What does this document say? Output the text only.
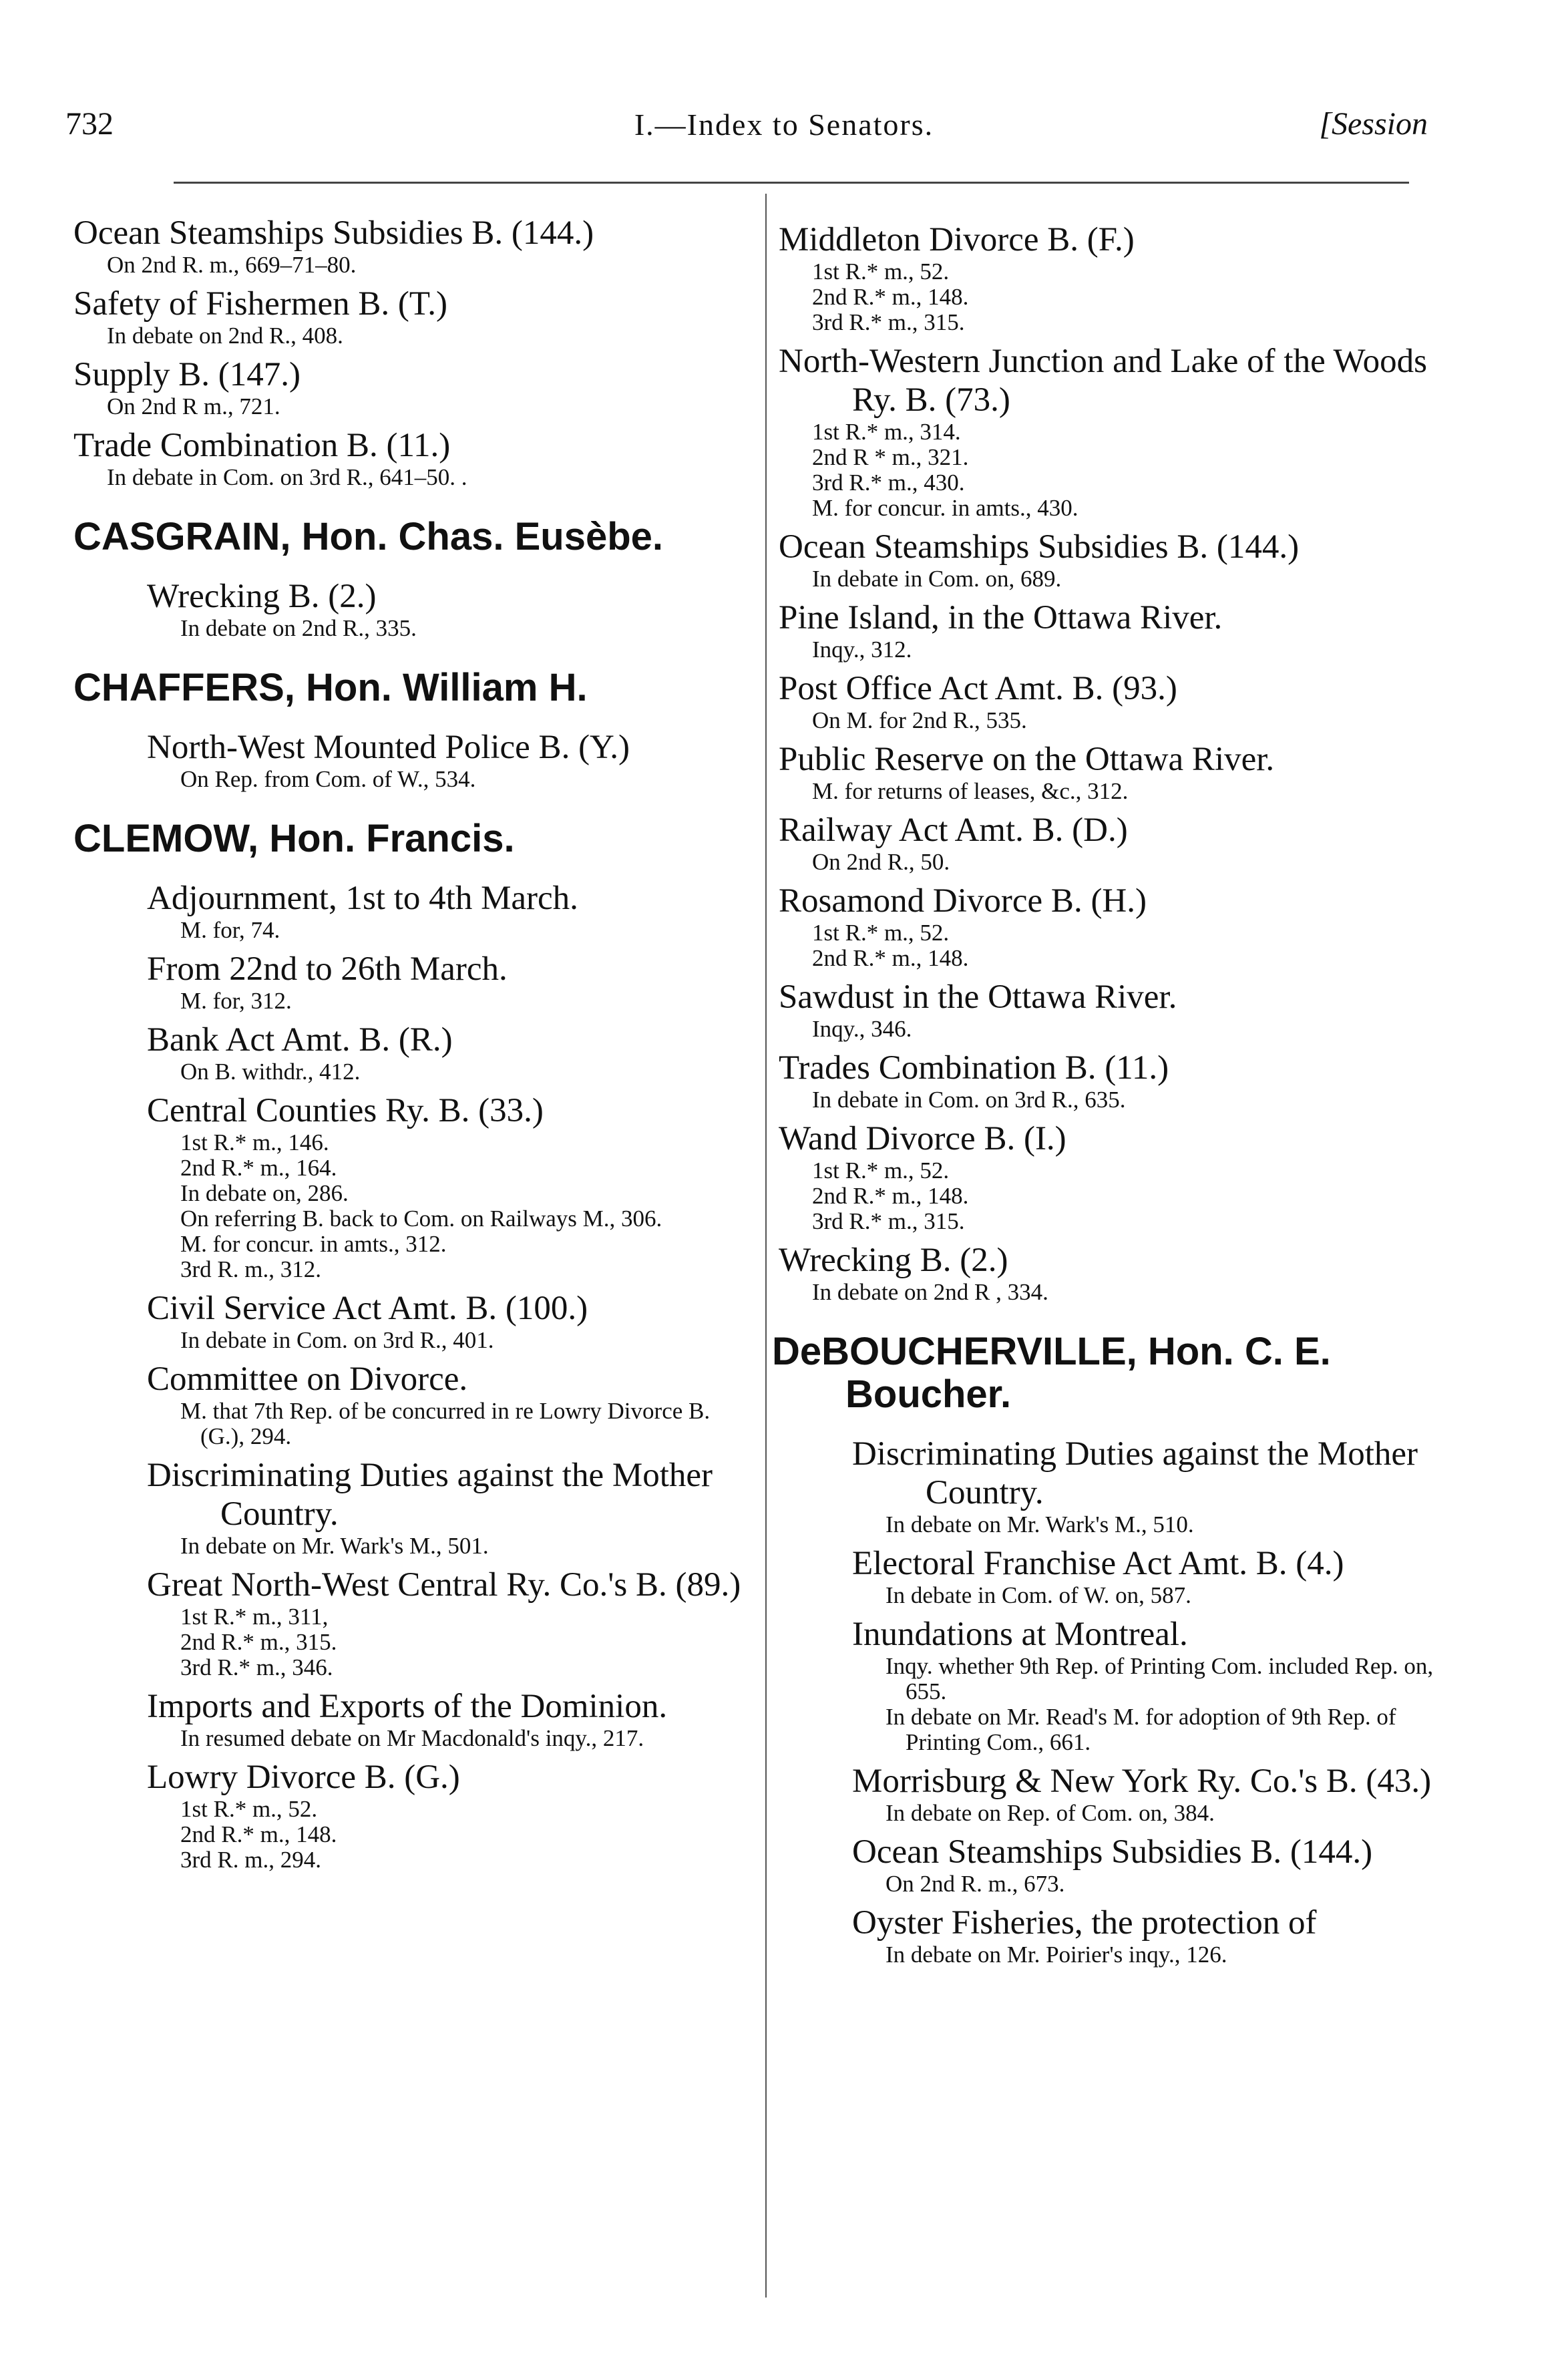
732	I.—Index to Senators.	[Session
Ocean Steamships Subsidies B. (144.)
On 2nd R. m., 669–71–80.
Safety of Fishermen B. (T.)
In debate on 2nd R., 408.
Supply B. (147.)
On 2nd R m., 721.
Trade Combination B. (11.)
In debate in Com. on 3rd R., 641–50. .
CASGRAIN, Hon. Chas. Eusèbe.
Wrecking B. (2.)
In debate on 2nd R., 335.
CHAFFERS, Hon. William H.
North-West Mounted Police B. (Y.)
On Rep. from Com. of W., 534.
CLEMOW, Hon. Francis.
Adjournment, 1st to 4th March.
M. for, 74.
From 22nd to 26th March.
M. for, 312.
Bank Act Amt. B. (R.)
On B. withdr., 412.
Central Counties Ry. B. (33.)
1st R.* m., 146.
2nd R.* m., 164.
In debate on, 286.
On referring B. back to Com. on Railways M., 306.
M. for concur. in amts., 312.
3rd R. m., 312.
Civil Service Act Amt. B. (100.)
In debate in Com. on 3rd R., 401.
Committee on Divorce.
M. that 7th Rep. of be concurred in re Lowry Divorce B. (G.), 294.
Discriminating Duties against the Mother Country.
In debate on Mr. Wark's M., 501.
Great North-West Central Ry. Co.'s B. (89.)
1st R.* m., 311,
2nd R.* m., 315.
3rd R.* m., 346.
Imports and Exports of the Dominion.
In resumed debate on Mr Macdonald's inqy., 217.
Lowry Divorce B. (G.)
1st R.* m., 52.
2nd R.* m., 148.
3rd R. m., 294.
Middleton Divorce B. (F.)
1st R.* m., 52.
2nd R.* m., 148.
3rd R.* m., 315.
North-Western Junction and Lake of the Woods Ry. B. (73.)
1st R.* m., 314.
2nd R * m., 321.
3rd R.* m., 430.
M. for concur. in amts., 430.
Ocean Steamships Subsidies B. (144.)
In debate in Com. on, 689.
Pine Island, in the Ottawa River.
Inqy., 312.
Post Office Act Amt. B. (93.)
On M. for 2nd R., 535.
Public Reserve on the Ottawa River.
M. for returns of leases, &c., 312.
Railway Act Amt. B. (D.)
On 2nd R., 50.
Rosamond Divorce B. (H.)
1st R.* m., 52.
2nd R.* m., 148.
Sawdust in the Ottawa River.
Inqy., 346.
Trades Combination B. (11.)
In debate in Com. on 3rd R., 635.
Wand Divorce B. (I.)
1st R.* m., 52.
2nd R.* m., 148.
3rd R.* m., 315.
Wrecking B. (2.)
In debate on 2nd R , 334.
DeBOUCHERVILLE, Hon. C. E. Boucher.
Discriminating Duties against the Mother Country.
In debate on Mr. Wark's M., 510.
Electoral Franchise Act Amt. B. (4.)
In debate in Com. of W. on, 587.
Inundations at Montreal.
Inqy. whether 9th Rep. of Printing Com. included Rep. on, 655.
In debate on Mr. Read's M. for adoption of 9th Rep. of Printing Com., 661.
Morrisburg & New York Ry. Co.'s B. (43.)
In debate on Rep. of Com. on, 384.
Ocean Steamships Subsidies B. (144.)
On 2nd R. m., 673.
Oyster Fisheries, the protection of
In debate on Mr. Poirier's inqy., 126.
